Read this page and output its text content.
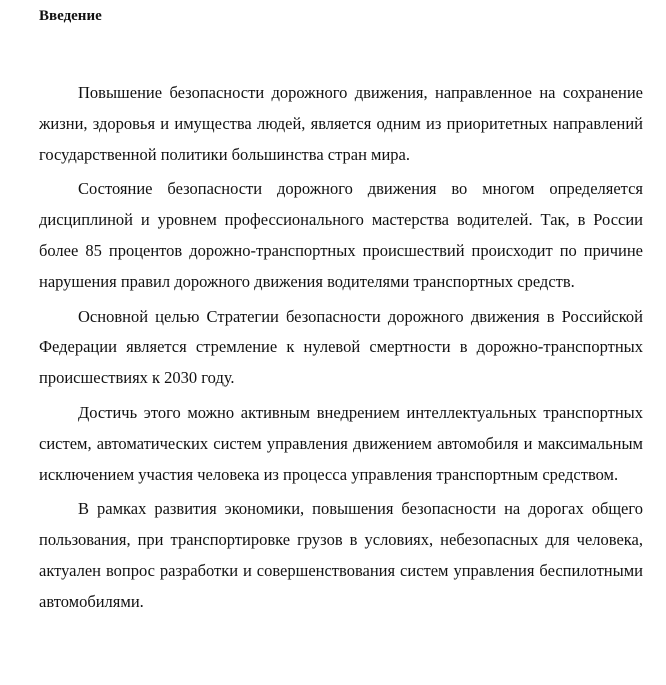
Введение

Повышение безопасности дорожного движения, направленное на сохранение жизни, здоровья и имущества людей, является одним из приоритетных направлений государственной политики большинства стран мира.

Состояние безопасности дорожного движения во многом определяется дисциплиной и уровнем профессионального мастерства водителей. Так, в России более 85 процентов дорожно-транспортных происшествий происходит по причине нарушения правил дорожного движения водителями транспортных средств.

Основной целью Стратегии безопасности дорожного движения в Российской Федерации является стремление к нулевой смертности в дорожно-транспортных происшествиях к 2030 году.

Достичь этого можно активным внедрением интеллектуальных транспортных систем, автоматических систем управления движением автомобиля и максимальным исключением участия человека из процесса управления транспортным средством.

В рамках развития экономики, повышения безопасности на дорогах общего пользования, при транспортировке грузов в условиях, небезопасных для человека, актуален вопрос разработки и совершенствования систем управления беспилотными автомобилями.
